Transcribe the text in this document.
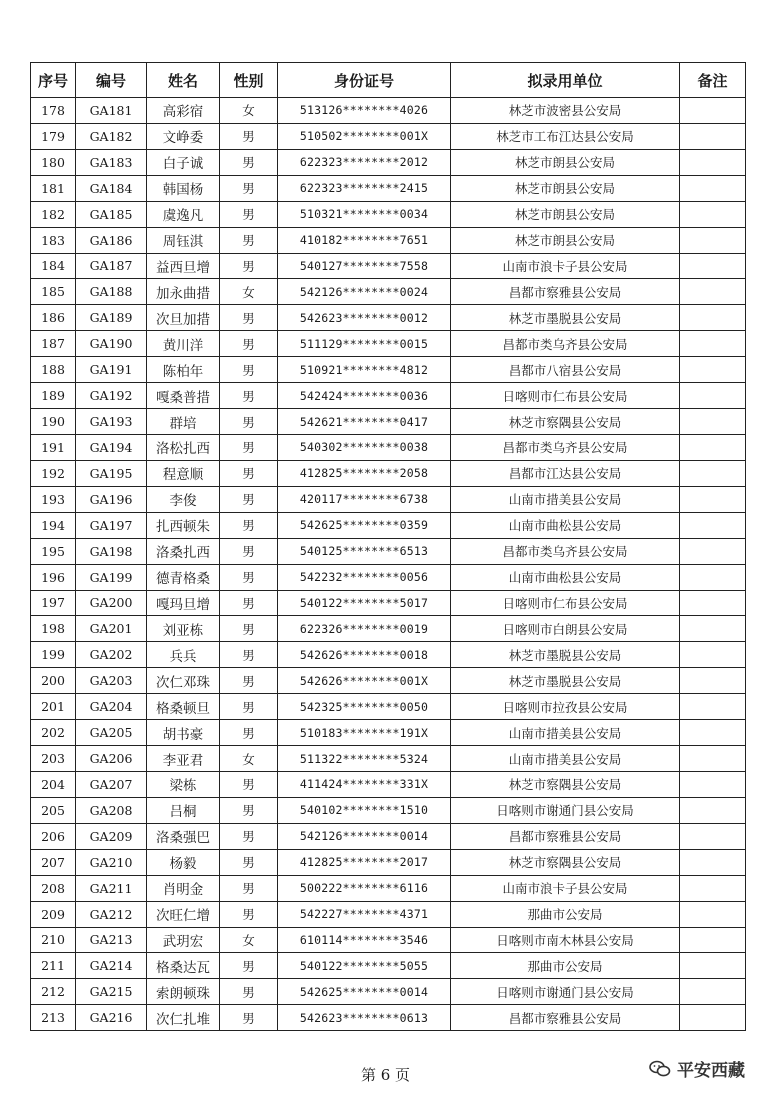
序号	编号	姓名	性别	身份证号	拟录用单位	备注
178	GA181	高彩宿	女	513126********4026	林芝市波密县公安局	
179	GA182	文峥委	男	510502********001X	林芝市工布江达县公安局	
180	GA183	白子诚	男	622323********2012	林芝市朗县公安局	
181	GA184	韩国杨	男	622323********2415	林芝市朗县公安局	
182	GA185	虞逸凡	男	510321********0034	林芝市朗县公安局	
183	GA186	周钰淇	男	410182********7651	林芝市朗县公安局	
184	GA187	益西旦增	男	540127********7558	山南市浪卡子县公安局	
185	GA188	加永曲措	女	542126********0024	昌都市察雅县公安局	
186	GA189	次旦加措	男	542623********0012	林芝市墨脱县公安局	
187	GA190	黄川洋	男	511129********0015	昌都市类乌齐县公安局	
188	GA191	陈柏年	男	510921********4812	昌都市八宿县公安局	
189	GA192	嘎桑普措	男	542424********0036	日喀则市仁布县公安局	
190	GA193	群培	男	542621********0417	林芝市察隅县公安局	
191	GA194	洛松扎西	男	540302********0038	昌都市类乌齐县公安局	
192	GA195	程意顺	男	412825********2058	昌都市江达县公安局	
193	GA196	李俊	男	420117********6738	山南市措美县公安局	
194	GA197	扎西顿朱	男	542625********0359	山南市曲松县公安局	
195	GA198	洛桑扎西	男	540125********6513	昌都市类乌齐县公安局	
196	GA199	德青格桑	男	542232********0056	山南市曲松县公安局	
197	GA200	嘎玛旦增	男	540122********5017	日喀则市仁布县公安局	
198	GA201	刘亚栋	男	622326********0019	日喀则市白朗县公安局	
199	GA202	兵兵	男	542626********0018	林芝市墨脱县公安局	
200	GA203	次仁邓珠	男	542626********001X	林芝市墨脱县公安局	
201	GA204	格桑顿旦	男	542325********0050	日喀则市拉孜县公安局	
202	GA205	胡书豪	男	510183********191X	山南市措美县公安局	
203	GA206	李亚君	女	511322********5324	山南市措美县公安局	
204	GA207	梁栋	男	411424********331X	林芝市察隅县公安局	
205	GA208	吕桐	男	540102********1510	日喀则市谢通门县公安局	
206	GA209	洛桑强巴	男	542126********0014	昌都市察雅县公安局	
207	GA210	杨毅	男	412825********2017	林芝市察隅县公安局	
208	GA211	肖明金	男	500222********6116	山南市浪卡子县公安局	
209	GA212	次旺仁增	男	542227********4371	那曲市公安局	
210	GA213	武玥宏	女	610114********3546	日喀则市南木林县公安局	
211	GA214	格桑达瓦	男	540122********5055	那曲市公安局	
212	GA215	索朗顿珠	男	542625********0014	日喀则市谢通门县公安局	
213	GA216	次仁扎堆	男	542623********0613	昌都市察雅县公安局	
第 6 页	平安西藏
